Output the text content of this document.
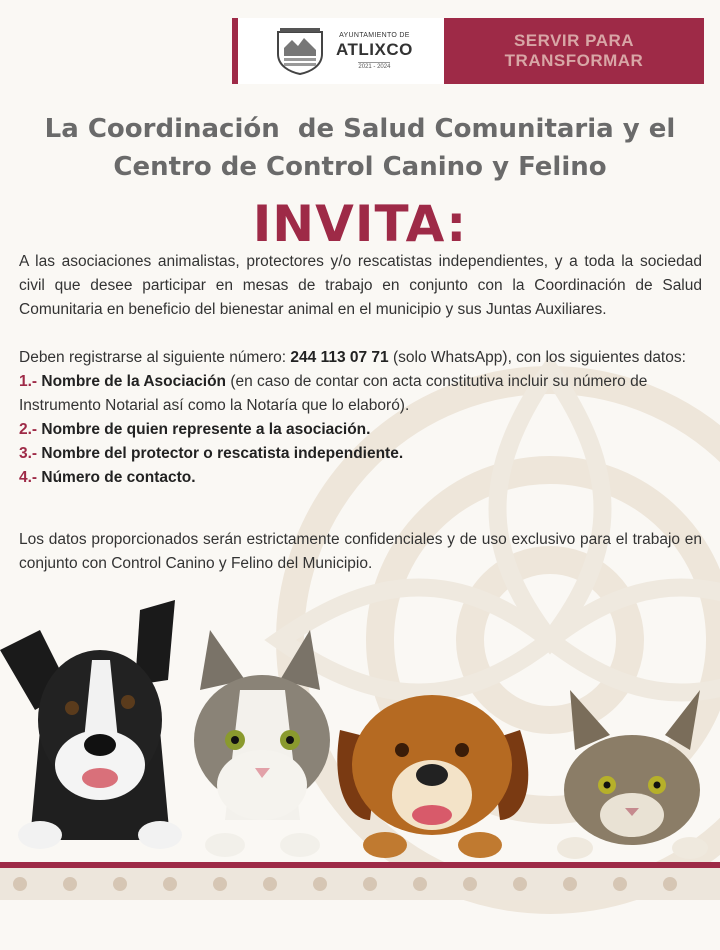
AYUNTAMIENTO DE
ATLIXCO
2021 - 2024
SERVIR PARA
TRANSFORMAR
La Coordinación  de Salud Comunitaria y el
Centro de Control Canino y Felino
INVITA:
A las asociaciones animalistas, protectores y/o rescatistas independientes, y a toda la sociedad civil que desee participar en mesas de trabajo en conjunto con la Coordinación de Salud Comunitaria en beneficio del bienestar animal en el municipio y sus Juntas Auxiliares.
Deben registrarse al siguiente número: 244 113 07 71 (solo WhatsApp), con los siguientes datos:
1.- Nombre de la Asociación (en caso de contar con acta constitutiva incluir su número de Instrumento Notarial así como la Notaría que lo elaboró).
2.- Nombre de quien represente a la asociación.
3.- Nombre del protector o rescatista independiente.
4.- Número de contacto.
Los datos proporcionados serán estrictamente confidenciales y de uso exclusivo para el trabajo en conjunto con Control Canino y Felino del Municipio.
